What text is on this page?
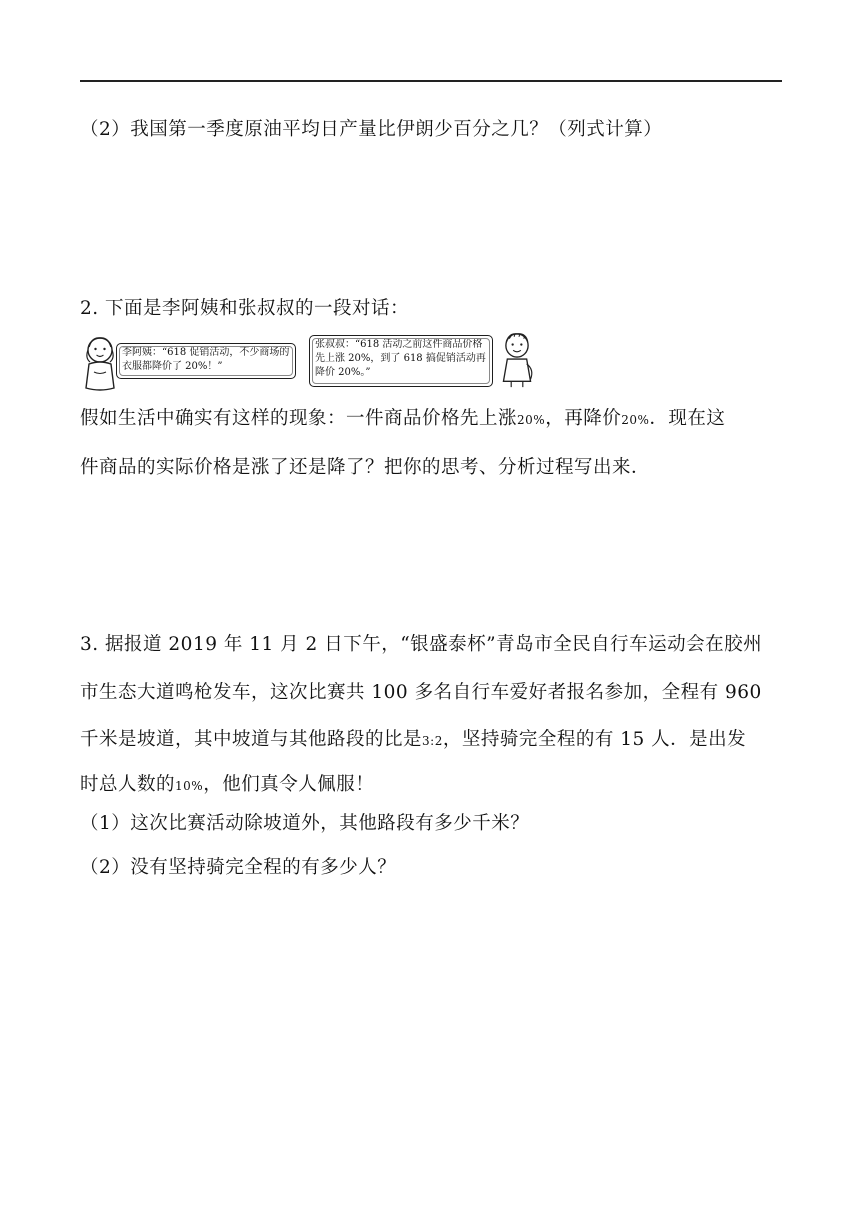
（2）我国第一季度原油平均日产量比伊朗少百分之几？（列式计算）
2. 下面是李阿姨和张叔叔的一段对话：
李阿姨：“618 促销活动，不少商场的衣服都降价了 20%！”
张叔叔：“618 活动之前这件商品价格先上涨 20%，到了 618 搞促销活动再降价 20%。”
假如生活中确实有这样的现象：一件商品价格先上涨20%，再降价20%．现在这
件商品的实际价格是涨了还是降了？把你的思考、分析过程写出来．
3. 据报道 2019 年 11 月 2 日下午，“银盛泰杯”青岛市全民自行车运动会在胶州
市生态大道鸣枪发车，这次比赛共 100 多名自行车爱好者报名参加，全程有 960
千米是坡道，其中坡道与其他路段的比是3:2，坚持骑完全程的有 15 人．是出发
时总人数的10%，他们真令人佩服！
（1）这次比赛活动除坡道外，其他路段有多少千米？
（2）没有坚持骑完全程的有多少人？
